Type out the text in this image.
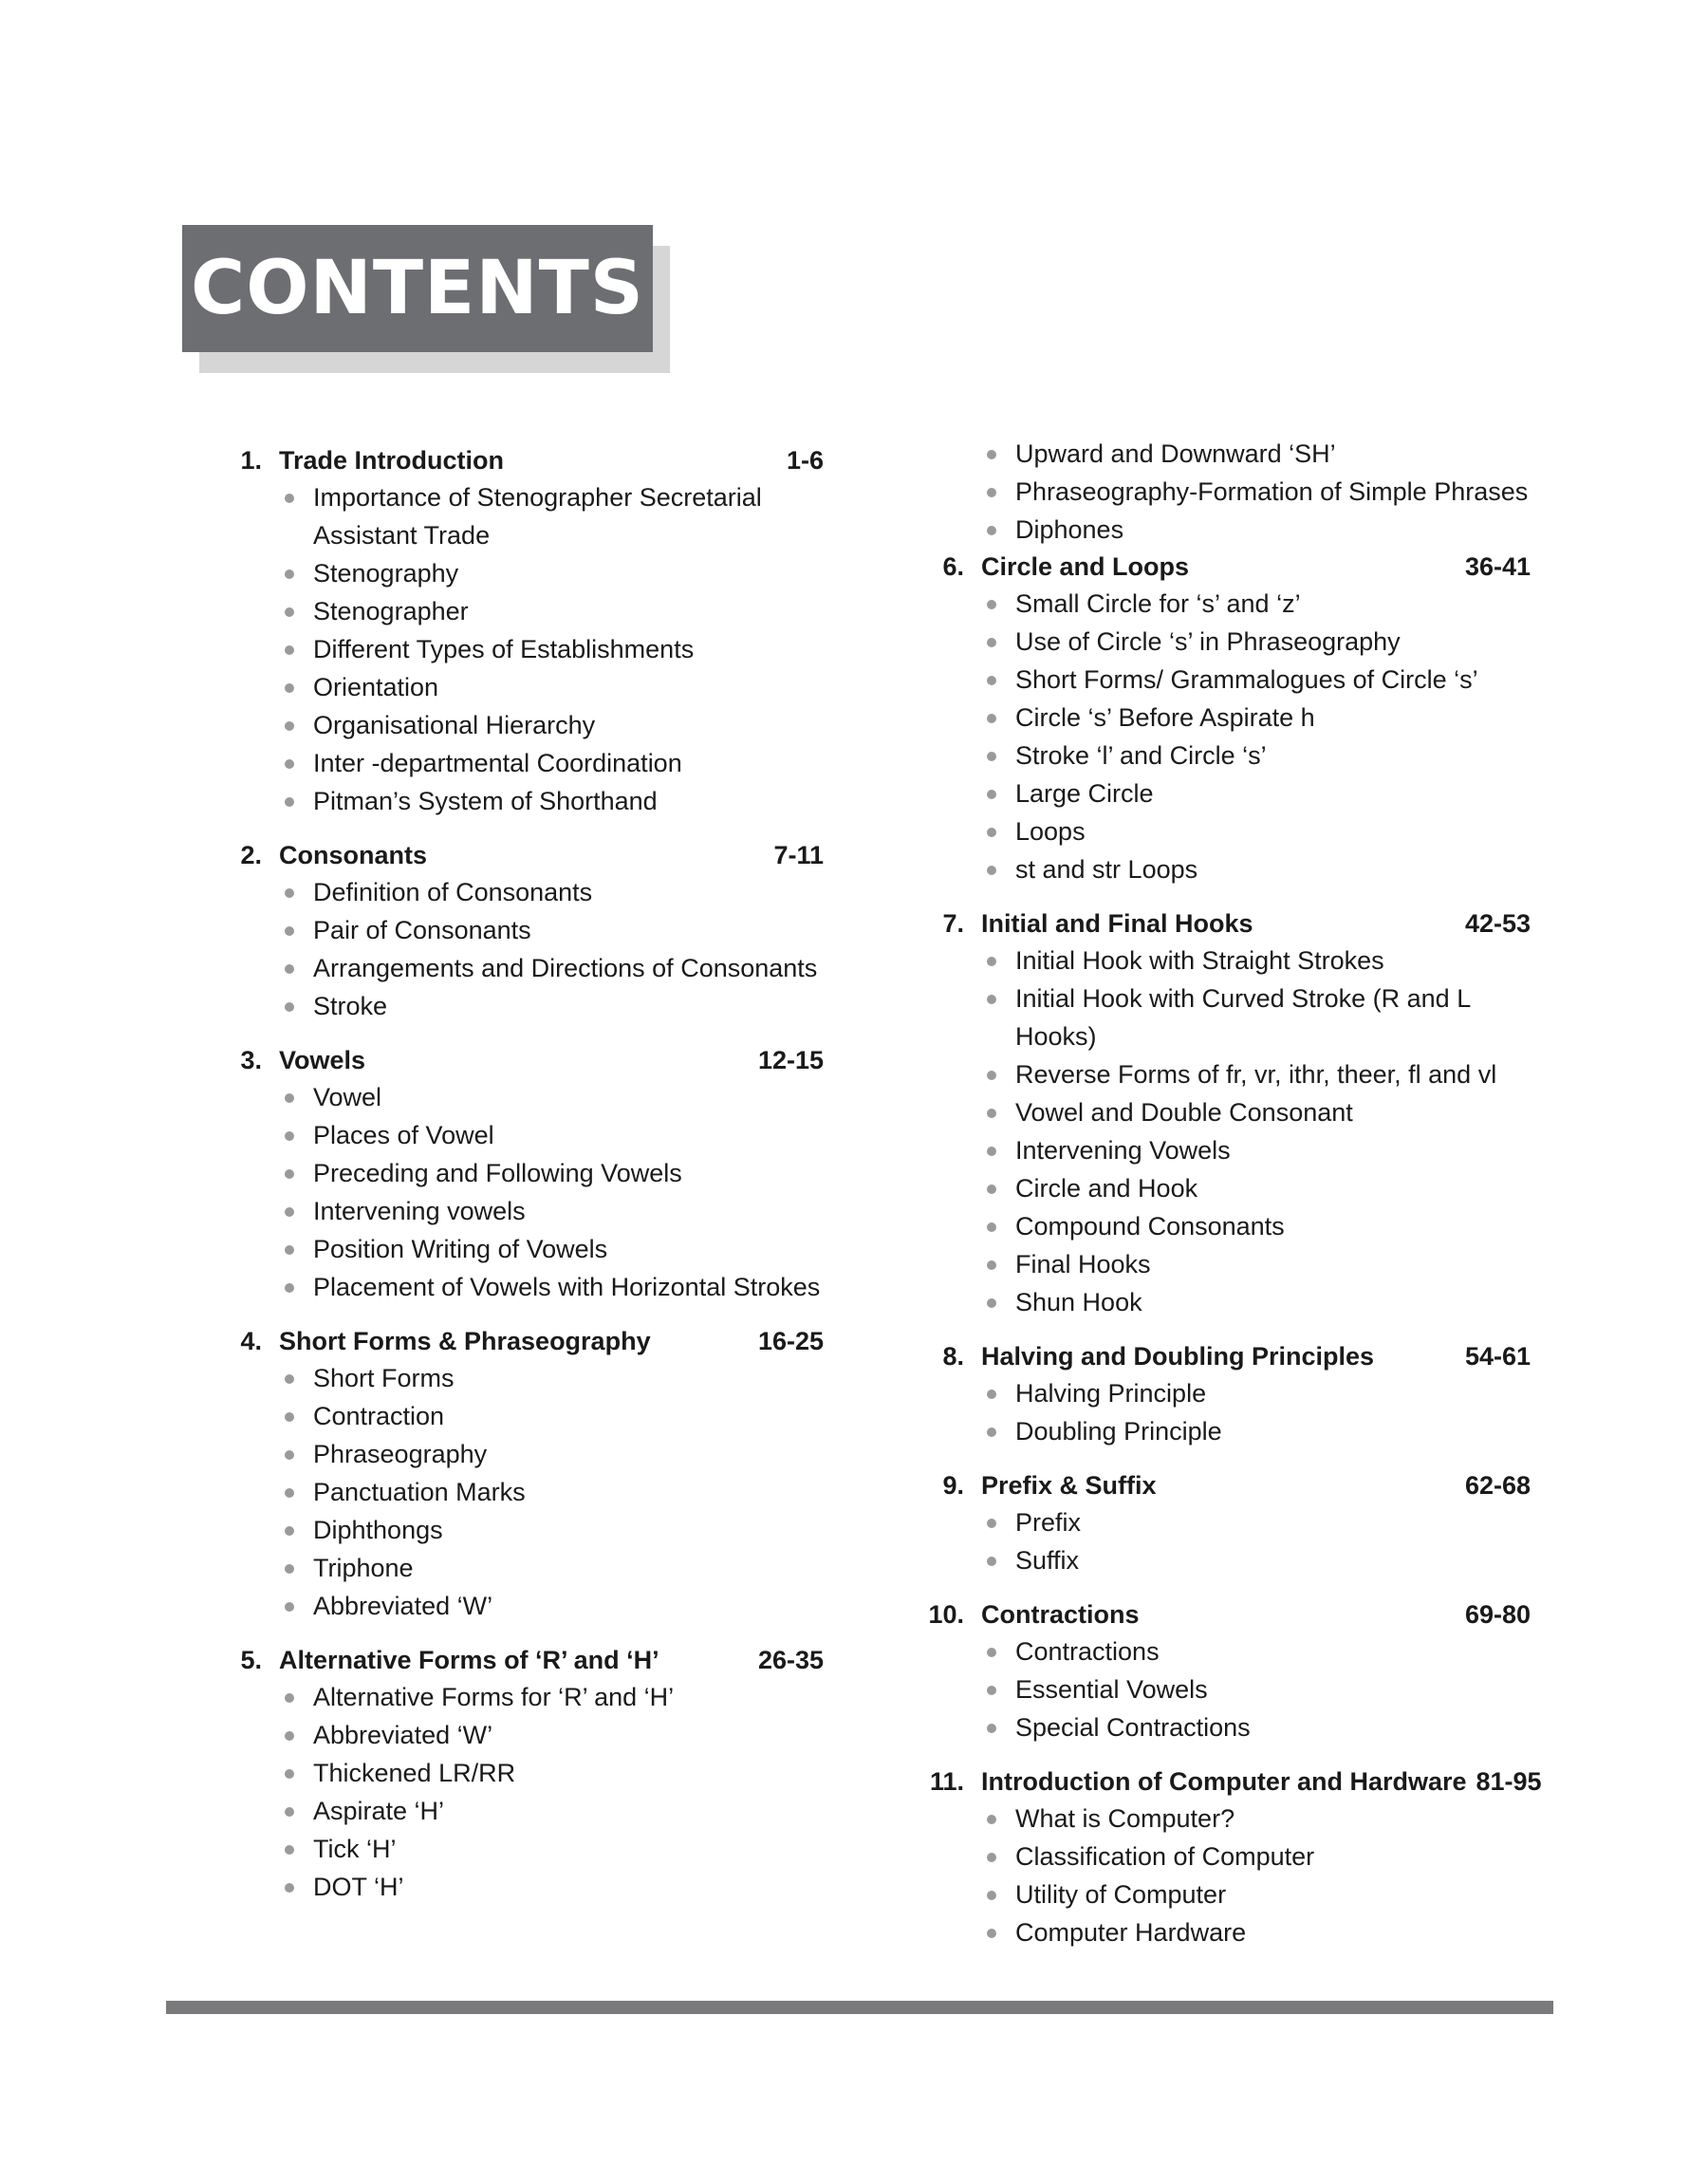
CONTENTS
1. Trade Introduction	1-6
Importance of Stenographer Secretarial Assistant Trade
Stenography
Stenographer
Different Types of Establishments
Orientation
Organisational Hierarchy
Inter -departmental Coordination
Pitman’s System of Shorthand
2. Consonants	7-11
Definition of Consonants
Pair of Consonants
Arrangements and Directions of Consonants
Stroke
3. Vowels	12-15
Vowel
Places of Vowel
Preceding and Following Vowels
Intervening vowels
Position Writing of Vowels
Placement of Vowels with Horizontal Strokes
4. Short Forms & Phraseography	16-25
Short Forms
Contraction
Phraseography
Panctuation Marks
Diphthongs
Triphone
Abbreviated ‘W’
5. Alternative Forms of ‘R’ and ‘H’	26-35
Alternative Forms for ‘R’ and ‘H’
Abbreviated ‘W’
Thickened LR/RR
Aspirate ‘H’
Tick ‘H’
DOT ‘H’
Upward and Downward ‘SH’
Phraseography-Formation of Simple Phrases
Diphones
6. Circle and Loops	36-41
Small Circle for ‘s’ and ‘z’
Use of Circle ‘s’ in Phraseography
Short Forms/ Grammalogues of Circle ‘s’
Circle ‘s’ Before Aspirate h
Stroke ‘l’ and Circle ‘s’
Large Circle
Loops
st and str Loops
7. Initial and Final Hooks	42-53
Initial Hook with Straight Strokes
Initial Hook with Curved Stroke (R and L Hooks)
Reverse Forms of fr, vr, ithr, theer, fl and vl
Vowel and Double Consonant
Intervening Vowels
Circle and Hook
Compound Consonants
Final Hooks
Shun Hook
8. Halving and Doubling Principles	54-61
Halving Principle
Doubling Principle
9. Prefix & Suffix	62-68
Prefix
Suffix
10. Contractions	69-80
Contractions
Essential Vowels
Special Contractions
11. Introduction of Computer and Hardware 81-95
What is Computer?
Classification of Computer
Utility of Computer
Computer Hardware
